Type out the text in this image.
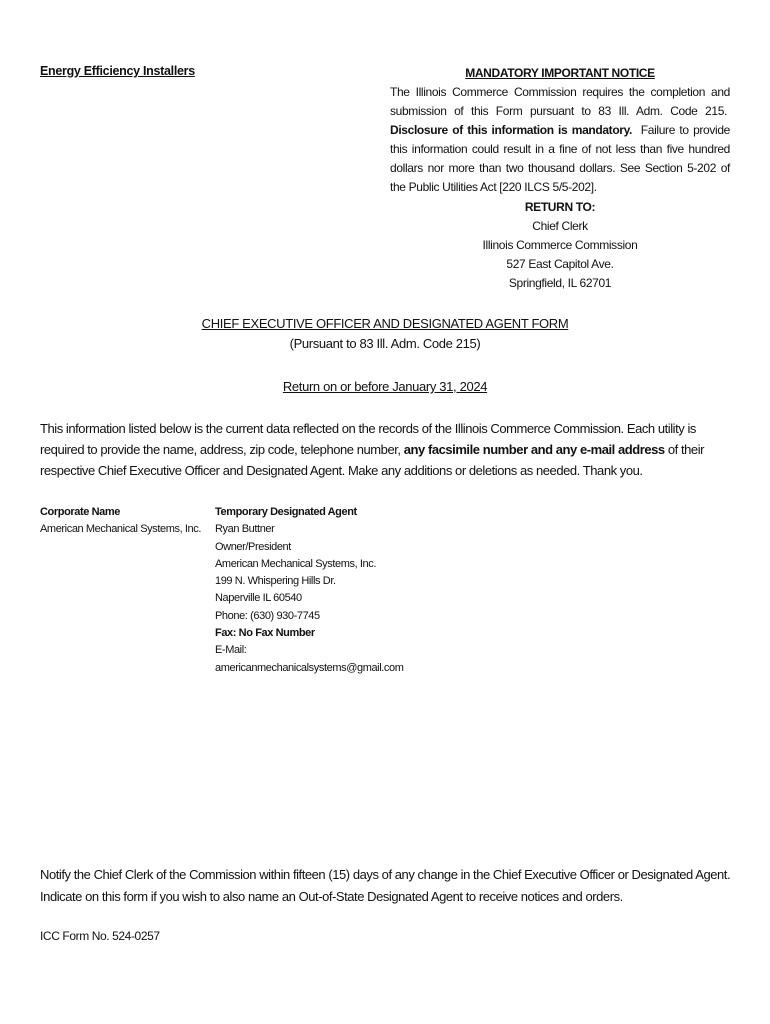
Energy Efficiency Installers	MANDATORY IMPORTANT NOTICE
The Illinois Commerce Commission requires the completion and submission of this Form pursuant to 83 Ill. Adm. Code 215.  Disclosure of this information is mandatory. Failure to provide this information could result in a fine of not less than five hundred dollars nor more than two thousand dollars. See Section 5-202 of the Public Utilities Act [220 ILCS 5/5-202].
RETURN TO:
Chief Clerk
Illinois Commerce Commission
527 East Capitol Ave.
Springfield, IL 62701
CHIEF EXECUTIVE OFFICER AND DESIGNATED AGENT FORM
(Pursuant to 83 Ill. Adm. Code 215)
Return on or before January 31, 2024
This information listed below is the current data reflected on the records of the Illinois Commerce Commission. Each utility is required to provide the name, address, zip code, telephone number, any facsimile number and any e-mail address of their respective Chief Executive Officer and Designated Agent. Make any additions or deletions as needed. Thank you.
Corporate Name
American Mechanical Systems, Inc.
Temporary Designated Agent
Ryan Buttner
Owner/President
American Mechanical Systems, Inc.
199 N. Whispering Hills Dr.
Naperville IL 60540
Phone: (630) 930-7745
Fax: No Fax Number
E-Mail:
americanmechanicalsystems@gmail.com
Notify the Chief Clerk of the Commission within fifteen (15) days of any change in the Chief Executive Officer or Designated Agent.
Indicate on this form if you wish to also name an Out-of-State Designated Agent to receive notices and orders.
ICC Form No. 524-0257
